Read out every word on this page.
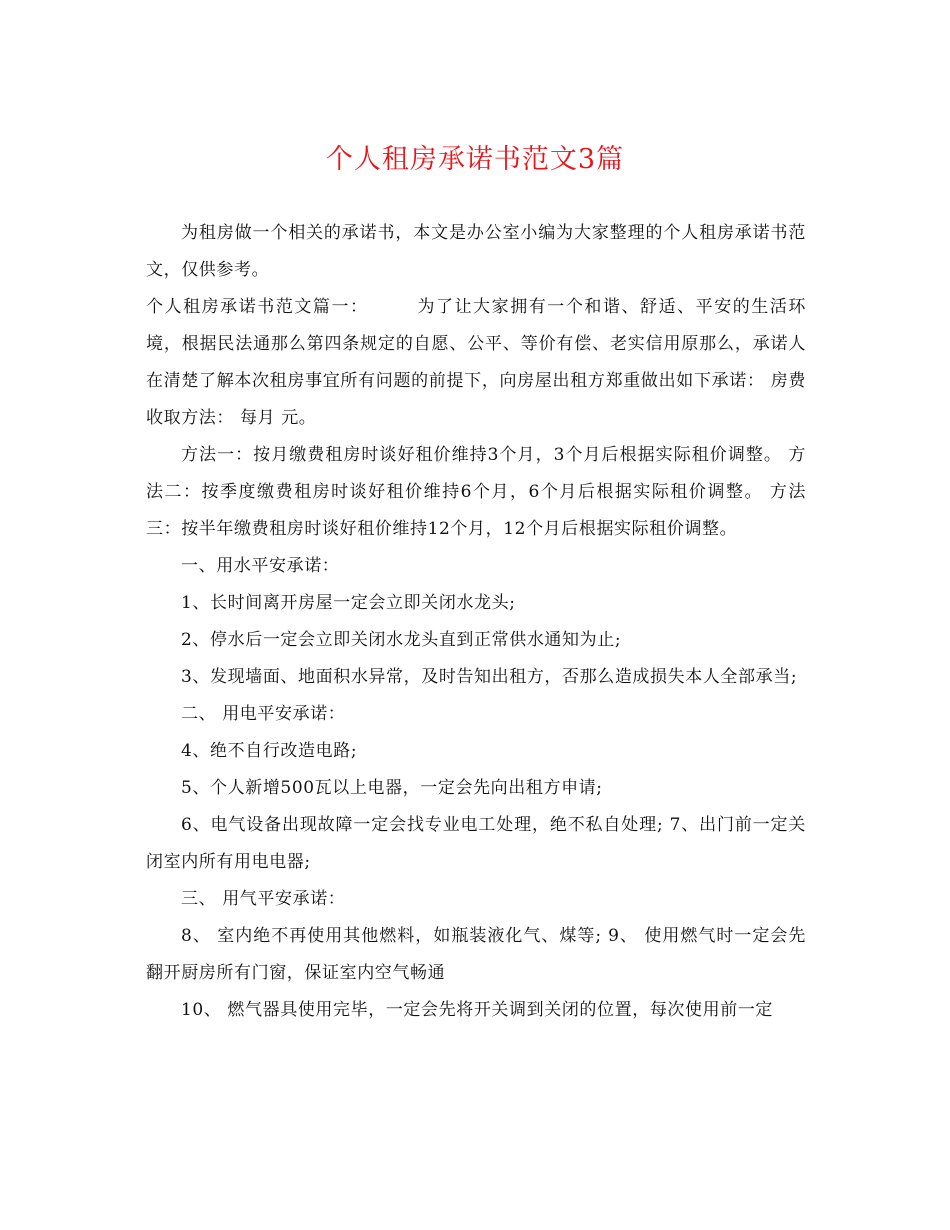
个人租房承诺书范文3篇

为租房做一个相关的承诺书，本文是办公室小编为大家整理的个人租房承诺书范文，仅供参考。

个人租房承诺书范文篇一：	为了让大家拥有一个和谐、舒适、平安的生活环境，根据民法通那么第四条规定的自愿、公平、等价有偿、老实信用原那么，承诺人在清楚了解本次租房事宜所有问题的前提下，向房屋出租方郑重做出如下承诺： 房费收取方法： 每月 元。

方法一：按月缴费租房时谈好租价维持3个月，3个月后根据实际租价调整。 方法二：按季度缴费租房时谈好租价维持6个月，6个月后根据实际租价调整。 方法三：按半年缴费租房时谈好租价维持12个月，12个月后根据实际租价调整。

一、用水平安承诺：

1、长时间离开房屋一定会立即关闭水龙头;

2、停水后一定会立即关闭水龙头直到正常供水通知为止;

3、发现墙面、地面积水异常，及时告知出租方，否那么造成损失本人全部承当;

二、 用电平安承诺：

4、绝不自行改造电路;

5、个人新增500瓦以上电器，一定会先向出租方申请;

6、电气设备出现故障一定会找专业电工处理，绝不私自处理; 7、出门前一定关闭室内所有用电电器;

三、 用气平安承诺：

8、 室内绝不再使用其他燃料，如瓶装液化气、煤等; 9、 使用燃气时一定会先翻开厨房所有门窗，保证室内空气畅通

10、 燃气器具使用完毕，一定会先将开关调到关闭的位置，每次使用前一定
